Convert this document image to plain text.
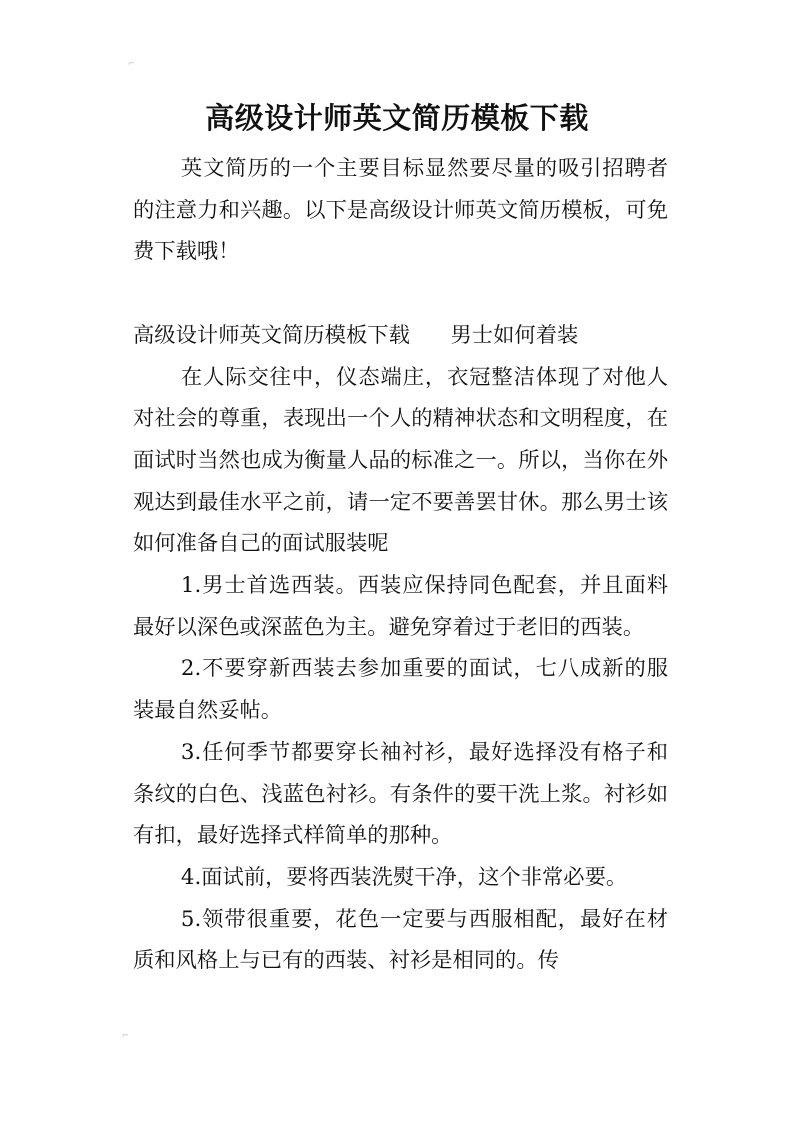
⌐
⌐
高级设计师英文简历模板下载

英文简历的一个主要目标显然要尽量的吸引招聘者的注意力和兴趣。以下是高级设计师英文简历模板，可免费下载哦！

高级设计师英文简历模板下载 男士如何着装

在人际交往中，仪态端庄，衣冠整洁体现了对他人对社会的尊重，表现出一个人的精神状态和文明程度，在面试时当然也成为衡量人品的标准之一。所以，当你在外观达到最佳水平之前，请一定不要善罢甘休。那么男士该如何准备自己的面试服装呢

1.男士首选西装。西装应保持同色配套，并且面料最好以深色或深蓝色为主。避免穿着过于老旧的西装。

2.不要穿新西装去参加重要的面试，七八成新的服装最自然妥帖。

3.任何季节都要穿长袖衬衫，最好选择没有格子和条纹的白色、浅蓝色衬衫。有条件的要干洗上浆。衬衫如有扣，最好选择式样简单的那种。

4.面试前，要将西装洗熨干净，这个非常必要。

5.领带很重要，花色一定要与西服相配，最好在材质和风格上与已有的西装、衬衫是相同的。传
